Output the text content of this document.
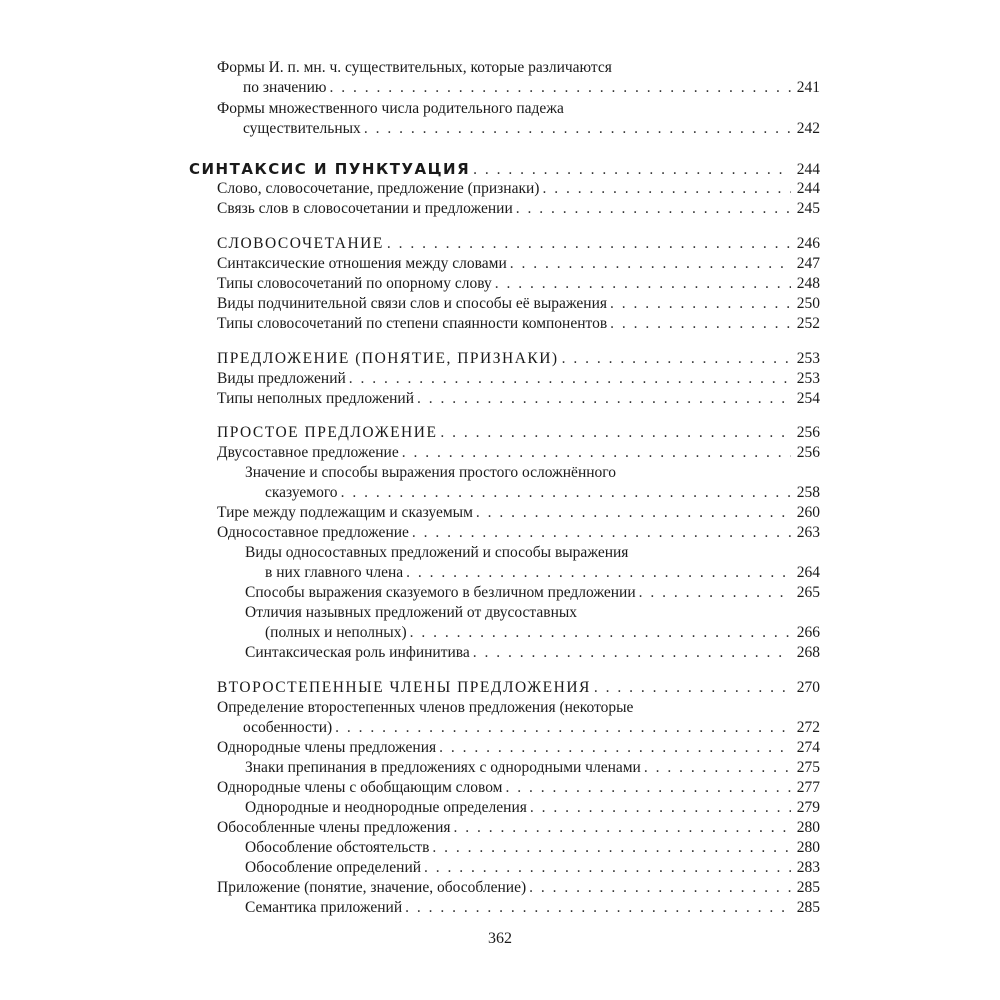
Формы И. п. мн. ч. существительных, которые различаются
по значению . . .	241
Формы множественного числа родительного падежа
существительных . . .	242
СИНТАКСИС И ПУНКТУАЦИЯ . . .	244
Слово, словосочетание, предложение (признаки) . . .	244
Связь слов в словосочетании и предложении . . .	245
СЛОВОСОЧЕТАНИЕ . . .	246
Синтаксические отношения между словами . . .	247
Типы словосочетаний по опорному слову . . .	248
Виды подчинительной связи слов и способы её выражения . . .	250
Типы словосочетаний по степени спаянности компонентов . . .	252
ПРЕДЛОЖЕНИЕ (ПОНЯТИЕ, ПРИЗНАКИ) . . .	253
Виды предложений . . .	253
Типы неполных предложений . . .	254
ПРОСТОЕ ПРЕДЛОЖЕНИЕ . . .	256
Двусоставное предложение . . .	256
Значение и способы выражения простого осложнённого
сказуемого . . .	258
Тире между подлежащим и сказуемым . . .	260
Односоставное предложение . . .	263
Виды односоставных предложений и способы выражения
в них главного члена . . .	264
Способы выражения сказуемого в безличном предложении . . .	265
Отличия назывных предложений от двусоставных
(полных и неполных) . . .	266
Синтаксическая роль инфинитива . . .	268
ВТОРОСТЕПЕННЫЕ ЧЛЕНЫ ПРЕДЛОЖЕНИЯ . . .	270
Определение второстепенных членов предложения (некоторые
особенности) . . .	272
Однородные члены предложения . . .	274
Знаки препинания в предложениях с однородными членами . . .	275
Однородные члены с обобщающим словом . . .	277
Однородные и неоднородные определения . . .	279
Обособленные члены предложения . . .	280
Обособление обстоятельств . . .	280
Обособление определений . . .	283
Приложение (понятие, значение, обособление) . . .	285
Семантика приложений . . .	285
362
